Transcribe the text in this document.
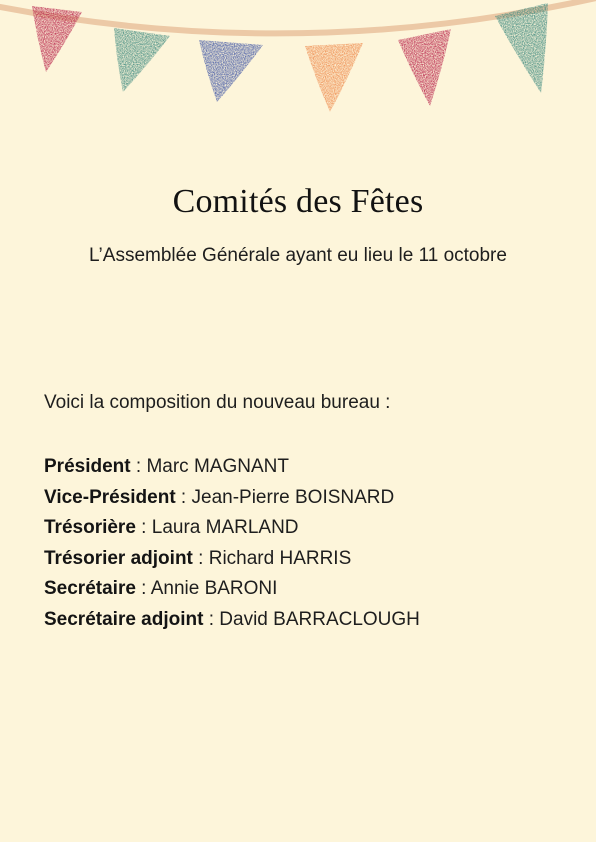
Comités des Fêtes
L’Assemblée Générale ayant eu lieu le 11 octobre
Voici la composition du nouveau bureau :
Président : Marc MAGNANT
Vice-Président : Jean-Pierre BOISNARD
Trésorière : Laura MARLAND
Trésorier adjoint : Richard HARRIS
Secrétaire : Annie BARONI
Secrétaire adjoint : David BARRACLOUGH
